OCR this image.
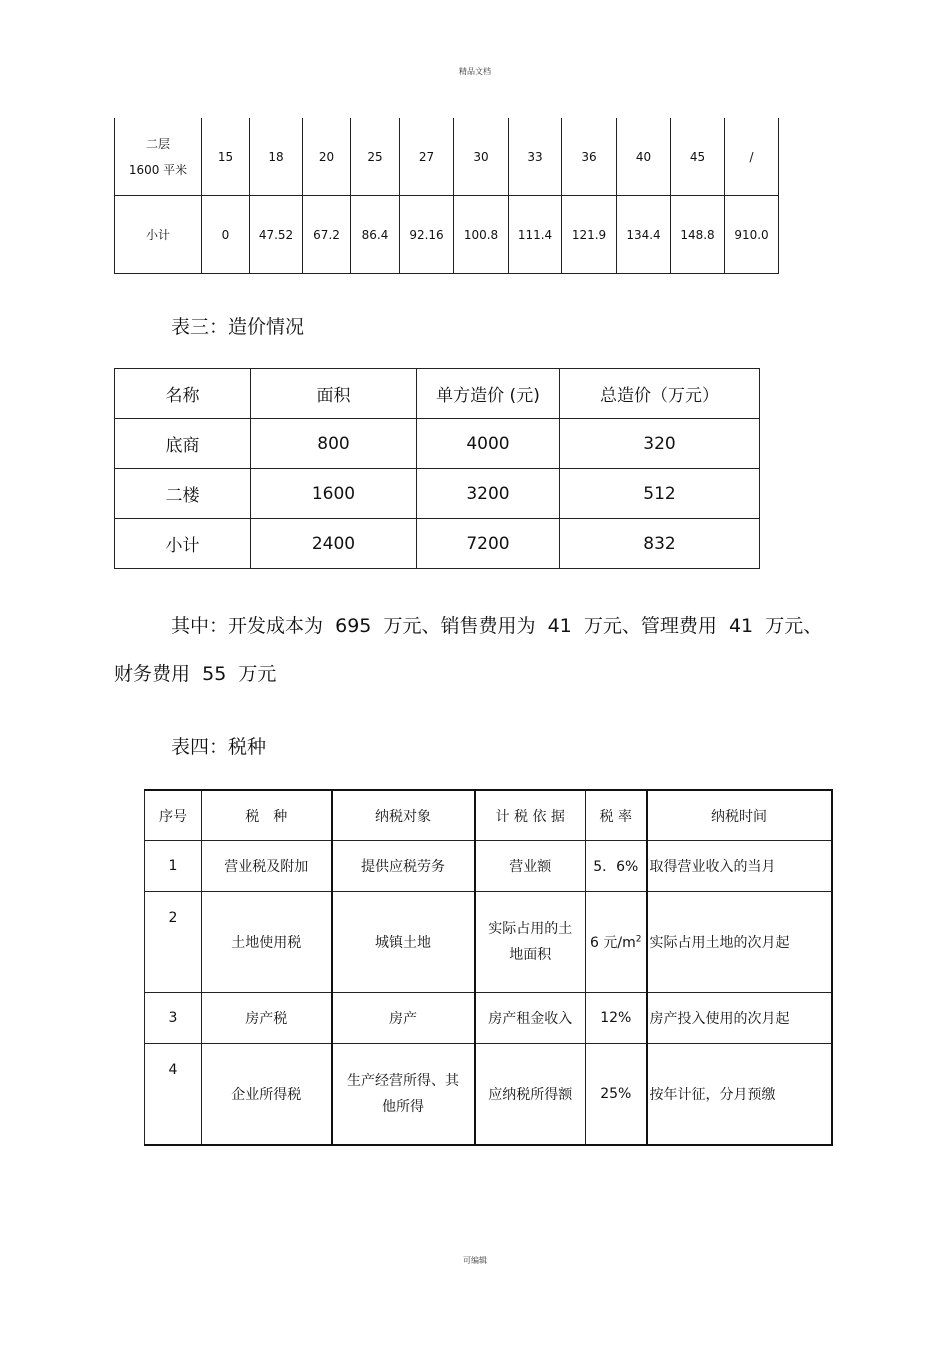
精品文档
二层
1600 平米	15	18	20	25	27	30	33	36	40	45	/
小计	0	47.52	67.2	86.4	92.16	100.8	111.4	121.9	134.4	148.8	910.0
表三：造价情况
名称	面积	单方造价 (元)	总造价（万元）
底商	800	4000	320
二楼	1600	3200	512
小计	2400	7200	832
其中：开发成本为 695 万元、销售费用为 41 万元、管理费用 41 万元、
财务费用 55 万元
表四：税种
序号	税　种	纳税对象	计 税 依 据	税 率	纳税时间
1	营业税及附加	提供应税劳务	营业额	5．6%	取得营业收入的当月
2	土地使用税	城镇土地	实际占用的土
地面积	6 元$/m^2$	实际占用土地的次月起
3	房产税	房产	房产租金收入	12%	房产投入使用的次月起
4	企业所得税	生产经营所得、其
他所得	应纳税所得额	25%	按年计征，分月预缴
可编辑
